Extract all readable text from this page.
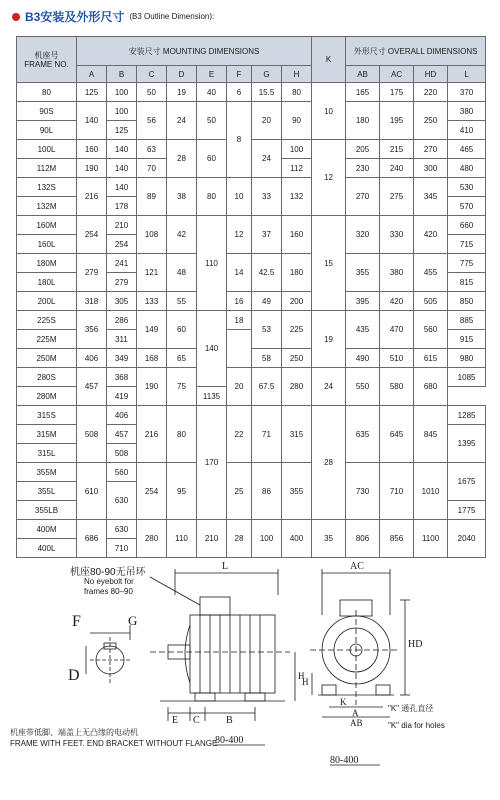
B3安装及外形尺寸 (B3 Outline Dimension):
机座号
FRAME NO.	安装尺寸 MOUNTING DIMENSIONS								K	外形尺寸 OVERALL DIMENSIONS			
	A	B	C	D	E	F	G	H		AB	AC	HD	L
80	125	100	50	19	40	6	15.5	80	10	165	175	220	370
90S	140	100	56	24	50	8	20	90		180	195	250	380
90L		125											410
100L	160	140	63	28	60		24	100	12	205	215	270	465
112M	190	140	70					112		230	240	300	480
132S	216	140	89	38	80	10	33	132		270	275	345	530
132M		178											570
160M	254	210	108	42	110	12	37	160	15	320	330	420	660
160L		254											715
180M	279	241	121	48		14	42.5	180		355	380	455	775
180L		279											815
200L	318	305	133	55		16	49	200		395	420	505	850
225S	356	286	149	60	140	18	53	225	19	435	470	560	885
225M		311											915
250M	406	349	168	65			58	250		490	510	615	980
280S	457	368	190	75		20	67.5	280	24	550	580	680	1085
280M		419			1135								
315S	508	406	216	80	170	22	71	315	28	635	645	845	1285
315M		457											1395
315L		508											
355M	610	560	254	95		25	86	355		730	710	1010	1675
355L		630											
355LB													1775
400M	686	630	280	110	210	28	100	400	35	806	856	1100	2040
400L		710											
机座80-90无吊环
No eyebolt for
frames 80–90
L
F	G
D	H
E C	B
80-400
AC
HD
H
K
A
AB
80-400
"K" 通孔直径
"K" dia for holes
机座带低脚、端盖上无凸缘的电动机
FRAME WITH FEET. END BRACKET WITHOUT FLANGE
